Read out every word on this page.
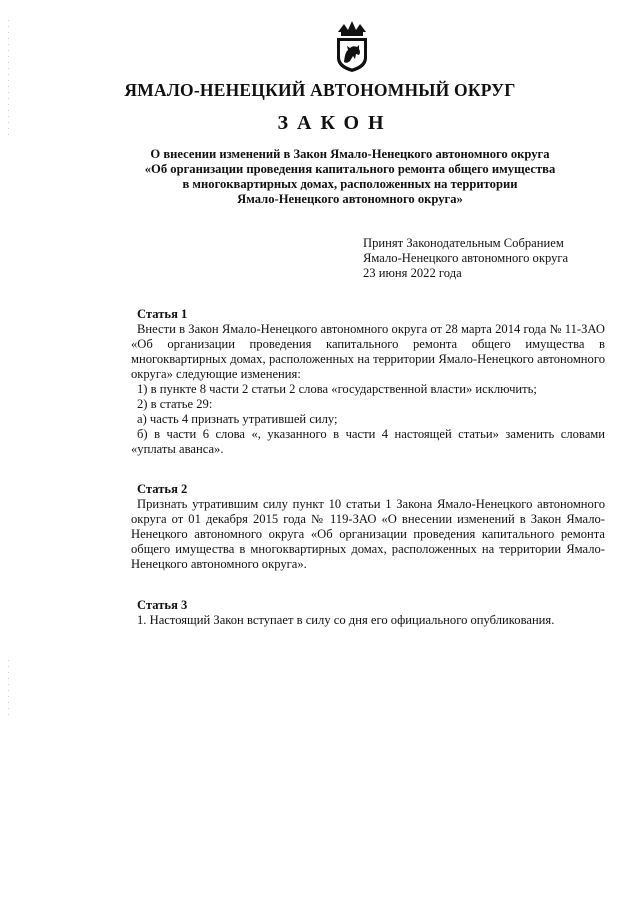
ЯМАЛО-НЕНЕЦКИЙ АВТОНОМНЫЙ ОКРУГ
ЗАКОН
О внесении изменений в Закон Ямало-Ненецкого автономного округа
«Об организации проведения капитального ремонта общего имущества
в многоквартирных домах, расположенных на территории
Ямало-Ненецкого автономного округа»
Принят Законодательным Собранием
Ямало-Ненецкого автономного округа
23 июня 2022 года

Статья 1

Внести в Закон Ямало-Ненецкого автономного округа от 28 марта 2014 года № 11-ЗАО «Об организации проведения капитального ремонта общего имущества в многоквартирных домах, расположенных на территории Ямало-Ненецкого автономного округа» следующие изменения:

1) в пункте 8 части 2 статьи 2 слова «государственной власти» исключить;

2) в статье 29:

а) часть 4 признать утратившей силу;

б) в части 6 слова «, указанного в части 4 настоящей статьи» заменить словами «уплаты аванса».

Статья 2

Признать утратившим силу пункт 10 статьи 1 Закона Ямало-Ненецкого автономного округа от 01 декабря 2015 года № 119-ЗАО «О внесении изменений в Закон Ямало-Ненецкого автономного округа «Об организации проведения капитального ремонта общего имущества в многоквартирных домах, расположенных на территории Ямало-Ненецкого автономного округа».

Статья 3

1. Настоящий Закон вступает в силу со дня его официального опубликования.
